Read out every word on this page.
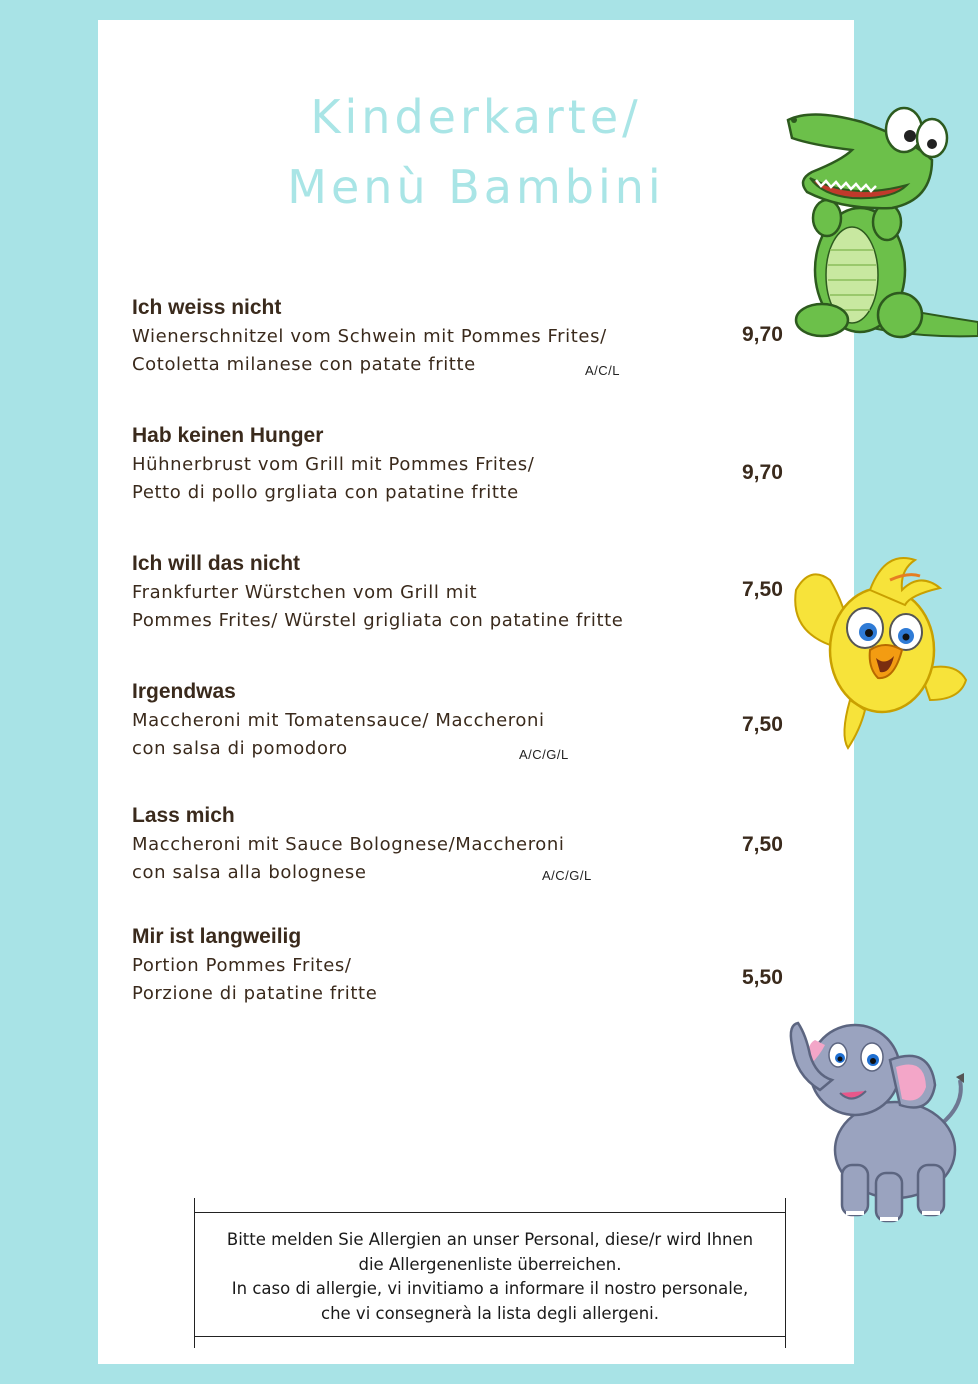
Kinderkarte/
Menù Bambini

Ich weiss nicht

Wienerschnitzel vom Schwein mit Pommes Frites/

Cotoletta milanese con patate fritte	A/C/L
9,70

Hab keinen Hunger

Hühnerbrust vom Grill mit Pommes Frites/

Petto di pollo grgliata con patatine fritte

9,70

Ich will das nicht

Frankfurter Würstchen vom Grill mit

Pommes Frites/ Würstel grigliata con patatine fritte

7,50

Irgendwas

Maccheroni mit Tomatensauce/ Maccheroni

con salsa di pomodoro	A/C/G/L
7,50

Lass mich

Maccheroni mit Sauce Bolognese/Maccheroni

con salsa alla bolognese	A/C/G/L
7,50

Mir ist langweilig

Portion Pommes Frites/

Porzione di patatine fritte

5,50

Bitte melden Sie Allergien an unser Personal, diese/r wird Ihnen
die Allergenenliste überreichen.
In caso di allergie, vi invitiamo a informare il nostro personale,
che vi consegnerà la lista degli allergeni.
